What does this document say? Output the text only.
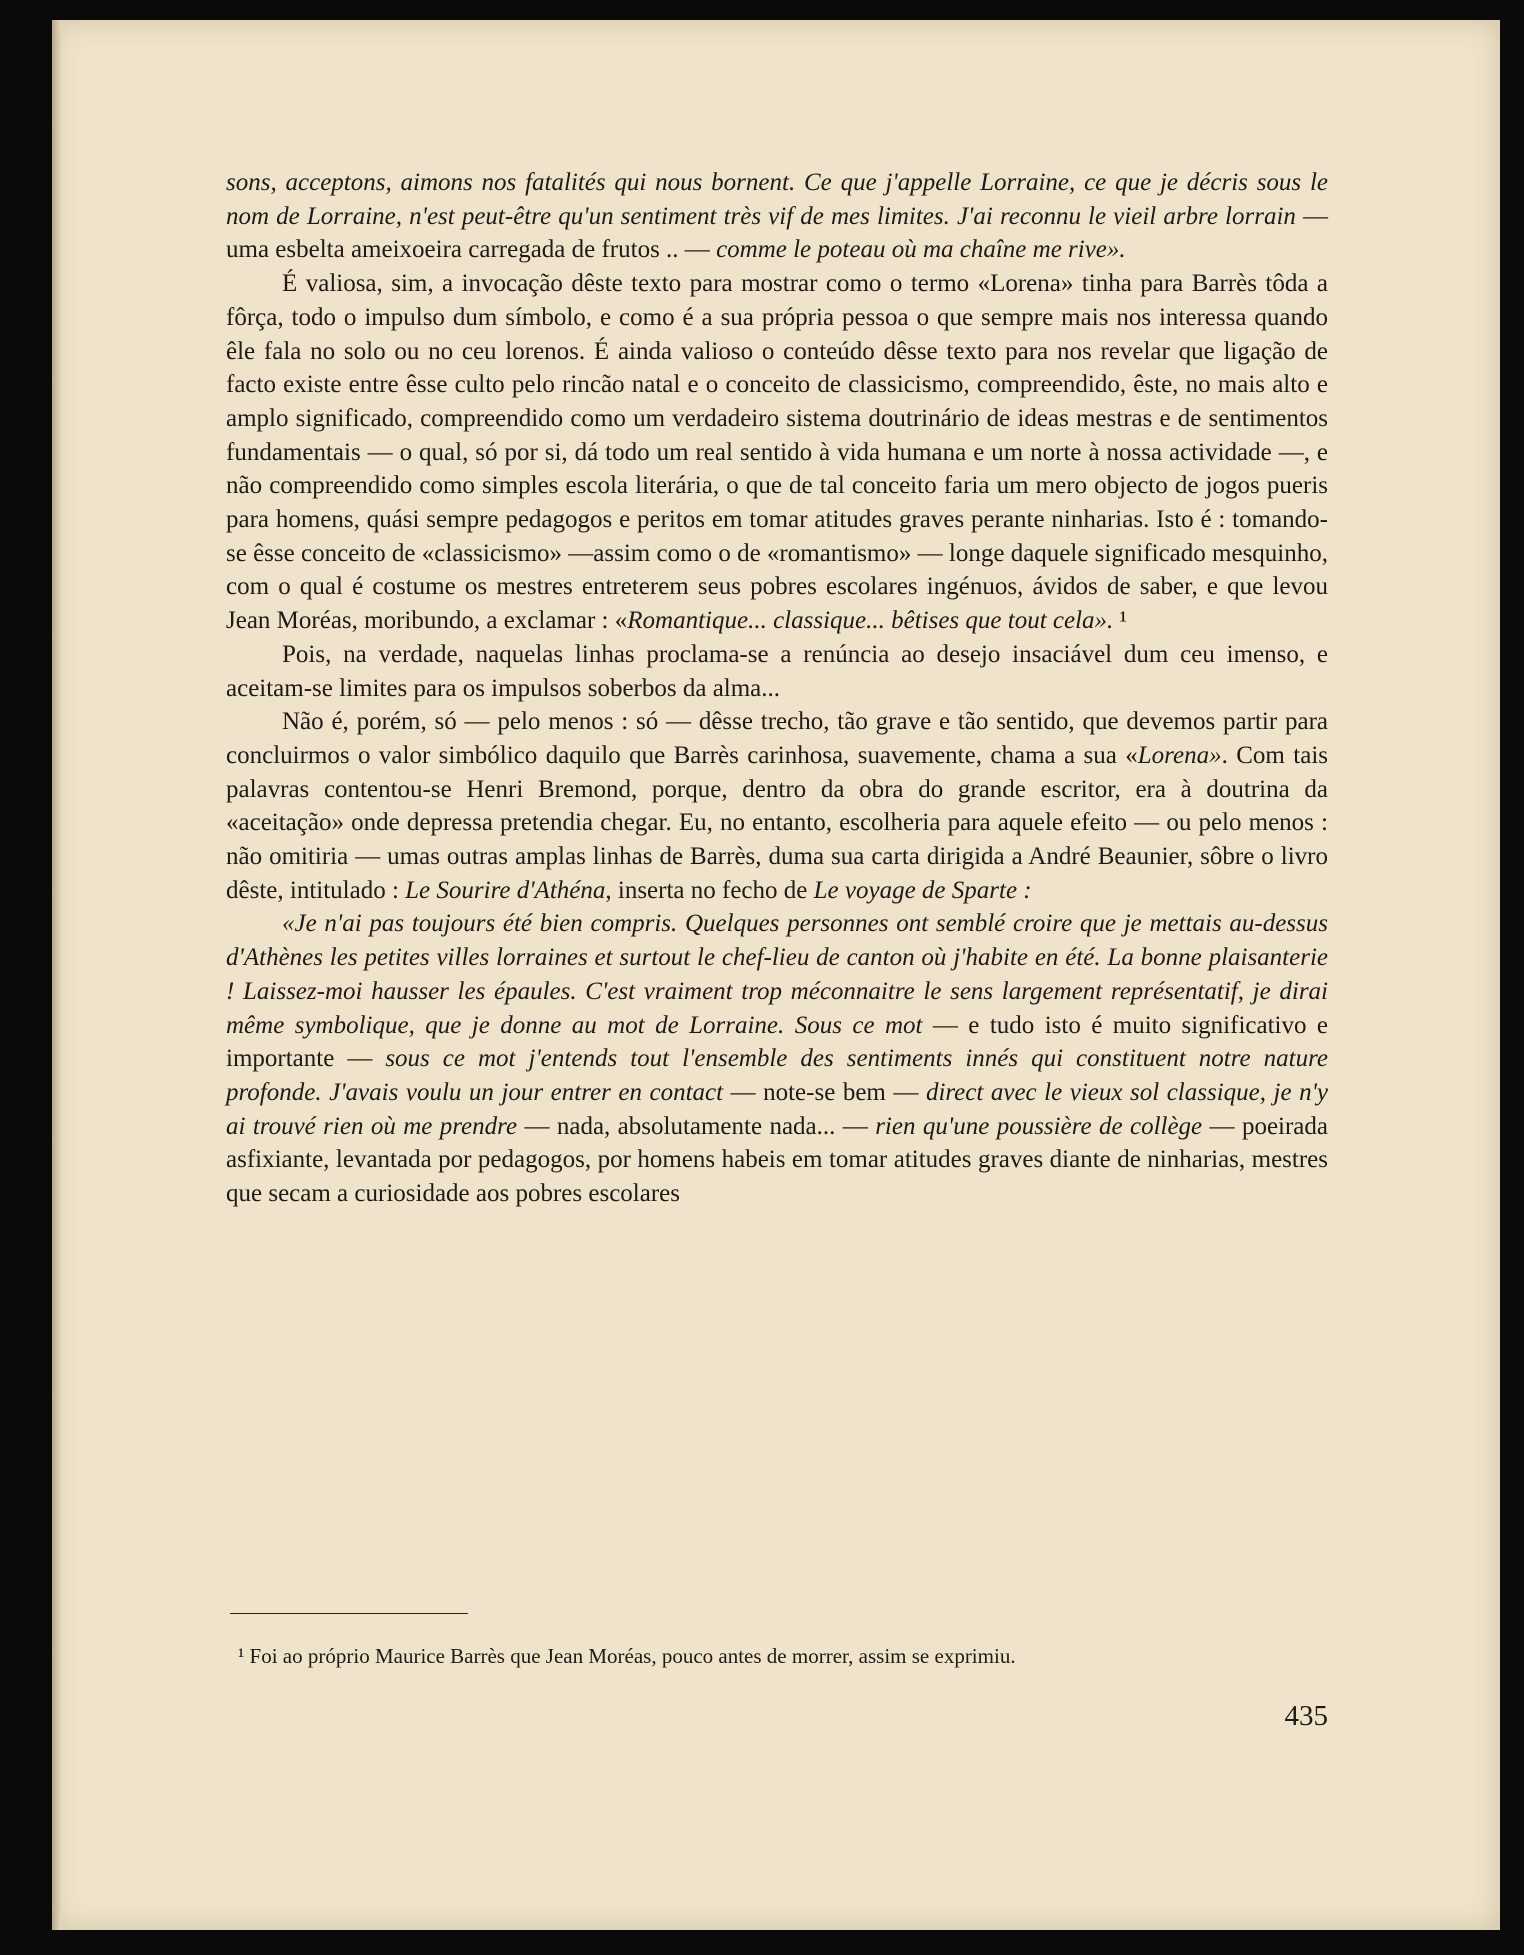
sons, acceptons, aimons nos fatalités qui nous bornent. Ce que j'appelle Lorraine, ce que je décris sous le nom de Lorraine, n'est peut-être qu'un sentiment très vif de mes limites. J'ai reconnu le vieil arbre lorrain — uma esbelta ameixoeira carregada de frutos .. — comme le poteau où ma chaîne me rive».

É valiosa, sim, a invocação dêste texto para mostrar como o termo «Lorena» tinha para Barrès tôda a fôrça, todo o impulso dum símbolo, e como é a sua própria pessoa o que sempre mais nos interessa quando êle fala no solo ou no ceu lorenos. É ainda valioso o conteúdo dêsse texto para nos revelar que ligação de facto existe entre êsse culto pelo rincão natal e o conceito de classicismo, compreendido, êste, no mais alto e amplo significado, compreendido como um verdadeiro sistema doutrinário de ideas mestras e de sentimentos fundamentais — o qual, só por si, dá todo um real sentido à vida humana e um norte à nossa actividade —, e não compreendido como simples escola literária, o que de tal conceito faria um mero objecto de jogos pueris para homens, quási sempre pedagogos e peritos em tomar atitudes graves perante ninharias. Isto é : tomando-se êsse conceito de «classicismo» —assim como o de «romantismo» — longe daquele significado mesquinho, com o qual é costume os mestres entreterem seus pobres escolares ingénuos, ávidos de saber, e que levou Jean Moréas, moribundo, a exclamar : «Romantique... classique... bêtises que tout cela». ¹

Pois, na verdade, naquelas linhas proclama-se a renúncia ao desejo insaciável dum ceu imenso, e aceitam-se limites para os impulsos soberbos da alma...

Não é, porém, só — pelo menos : só — dêsse trecho, tão grave e tão sentido, que devemos partir para concluirmos o valor simbólico daquilo que Barrès carinhosa, suavemente, chama a sua «Lorena». Com tais palavras contentou-se Henri Bremond, porque, dentro da obra do grande escritor, era à doutrina da «aceitação» onde depressa pretendia chegar. Eu, no entanto, escolheria para aquele efeito — ou pelo menos : não omitiria — umas outras amplas linhas de Barrès, duma sua carta dirigida a André Beaunier, sôbre o livro dêste, intitulado : Le Sourire d'Athéna, inserta no fecho de Le voyage de Sparte :

«Je n'ai pas toujours été bien compris. Quelques personnes ont semblé croire que je mettais au-dessus d'Athènes les petites villes lorraines et surtout le chef-lieu de canton où j'habite en été. La bonne plaisanterie ! Laissez-moi hausser les épaules. C'est vraiment trop méconnaitre le sens largement représentatif, je dirai même symbolique, que je donne au mot de Lorraine. Sous ce mot — e tudo isto é muito significativo e importante — sous ce mot j'entends tout l'ensemble des sentiments innés qui constituent notre nature profonde. J'avais voulu un jour entrer en contact — note-se bem — direct avec le vieux sol classique, je n'y ai trouvé rien où me prendre — nada, absolutamente nada... — rien qu'une poussière de collège — poeirada asfixiante, levantada por pedagogos, por homens habeis em tomar atitudes graves diante de ninharias, mestres que secam a curiosidade aos pobres escolares

¹ Foi ao próprio Maurice Barrès que Jean Moréas, pouco antes de morrer, assim se exprimiu.
435
